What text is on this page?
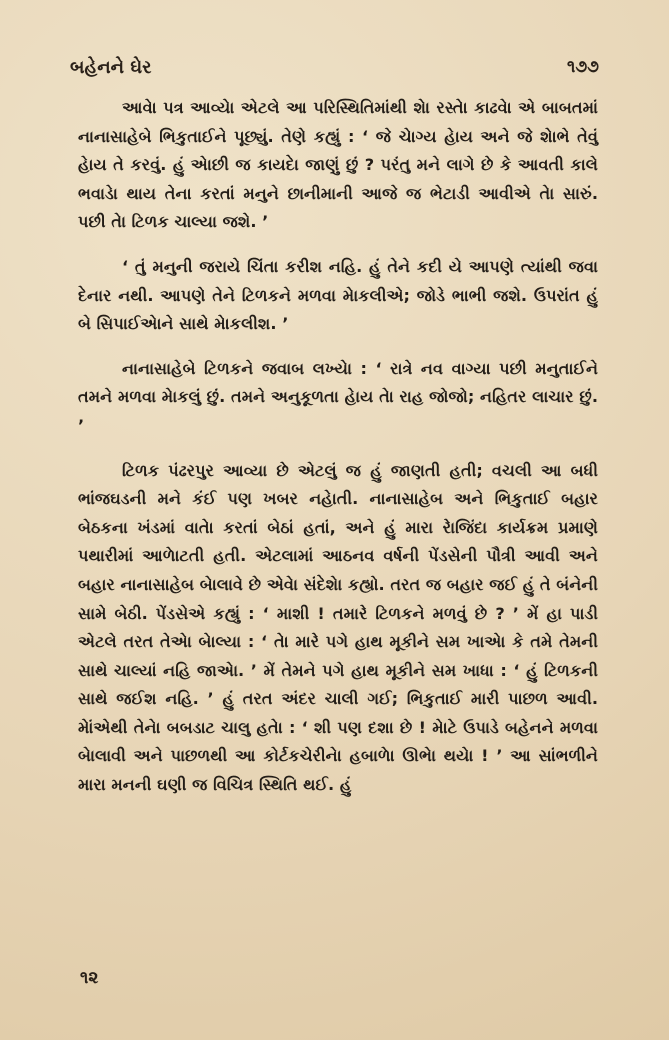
બહેનને ઘેર	૧૭૭

આવેા પત્ર આવ્યેા એટલે આ પરિસ્થિતિમાંથી શેા રસ્તેા કાઢવેા એ બાબતમાં નાનાસાહેબે ભિકુતાઈને પૂછ્યું. તેણે કહ્યું : ‘ જે ચેાગ્ય હેાય અને જે શેાભે તેવું હેાય તે કરવું. હું એાછી જ કાયદેા જાણું છું ? પરંતુ મને લાગે છે કે આવતી કાલે ભવાડેા થાય તેના કરતાં મનુને છાનીમાની આજે જ ભેટાડી આવીએ તેા સારું. પછી તેા ટિળક ચાલ્યા જશે. ’

‘ તું મનુની જરાયે ચિંતા કરીશ નહિ. હું તેને કદી યે આપણે ત્યાંથી જવા દેનાર નથી. આપણે તેને ટિળકને મળવા મેાકલીએ; જોડે ભાભી જશે. ઉપરાંત હું બે સિપાઈએાને સાથે મેાકલીશ. ’

નાનાસાહેબે ટિળકને જવાબ લખ્યેા : ‘ રાત્રે નવ વાગ્યા પછી મનુતાઈને તમને મળવા મેાકલું છું. તમને અનુકૂળતા હેાય તેા રાહ જોજો; નહિતર લાચાર છું. ’

ટિળક પંઢરપુર આવ્યા છે એટલું જ હું જાણતી હતી; વચલી આ બધી ભાંજઘડની મને કંઈ પણ ખબર નહેાતી. નાનાસાહેબ અને ભિકુતાઈ બહાર બેઠકના ખંડમાં વાતેા કરતાં બેઠાં હતાં, અને હું મારા રેાજિંદા કાર્યક્રમ પ્રમાણે પથારીમાં આળેાટતી હતી. એટલામાં આઠનવ વર્ષની પેંડસેની પૌત્રી આવી અને બહાર નાનાસાહેબ બેાલાવે છે એવેા સંદેશેા કહ્યો. તરત જ બહાર જઈ હું તે બંનેની સામે બેઠી. પેંડસેએ કહ્યું : ‘ માશી ! તમારે ટિળકને મળવું છે ? ’ મેં હા પાડી એટલે તરત તેએા બેાલ્યા : ‘ તેા મારે પગે હાથ મૂકીને સમ ખાએા કે તમે તેમની સાથે ચાલ્યાં નહિ જાએા. ’ મેં તેમને પગે હાથ મૂકીને સમ ખાધા : ‘ હું ટિળકની સાથે જઈશ નહિ. ’ હું તરત અંદર ચાલી ગઈ; ભિકુતાઈ મારી પાછળ આવી. મેાંએથી તેનેા બબડાટ ચાલુ હતેા : ‘ શી પણ દશા છે ! મેાટે ઉપાડે બહેનને મળવા બેાલાવી અને પાછળથી આ કોર્ટકચેરીનેા હબાળેા ઊભેા થયેા ! ’ આ સાંભળીને મારા મનની ઘણી જ વિચિત્ર સ્થિતિ થઈ. હું

૧૨
